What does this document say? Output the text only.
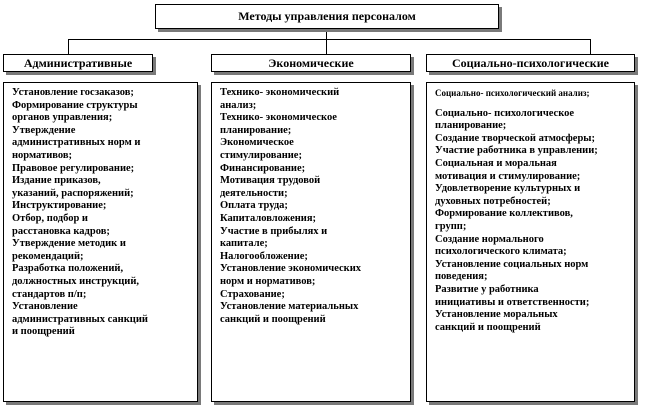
Методы управления персоналом
Административные	Экономические	Социально-психологические
Установление госзаказов;
Формирование структуры
органов управления;
Утверждение
административных норм и
нормативов;
Правовое регулирование;
Издание приказов,
указаний, распоряжений;
Инструктирование;
Отбор, подбор и
расстановка кадров;
Утверждение методик и
рекомендаций;
Разработка положений,
должностных инструкций,
стандартов п/п;
Установление
административных санкций
и поощрений
Технико- экономический
анализ;
Технико- экономическое
планирование;
Экономическое
стимулирование;
Финансирование;
Мотивация трудовой
деятельности;
Оплата труда;
Капиталовложения;
Участие в прибылях и
капитале;
Налогообложение;
Установление экономических
норм и нормативов;
Страхование;
Установление материальных
санкций и поощрений
Социально- психологический анализ;
Социально- психологическое
планирование;
Создание творческой атмосферы;
Участие работника в управлении;
Социальная и моральная
мотивация и стимулирование;
Удовлетворение культурных и
духовных потребностей;
Формирование коллективов,
групп;
Создание нормального
психологического климата;
Установление социальных норм
поведения;
Развитие у работника
инициативы и ответственности;
Установление моральных
санкций и поощрений
